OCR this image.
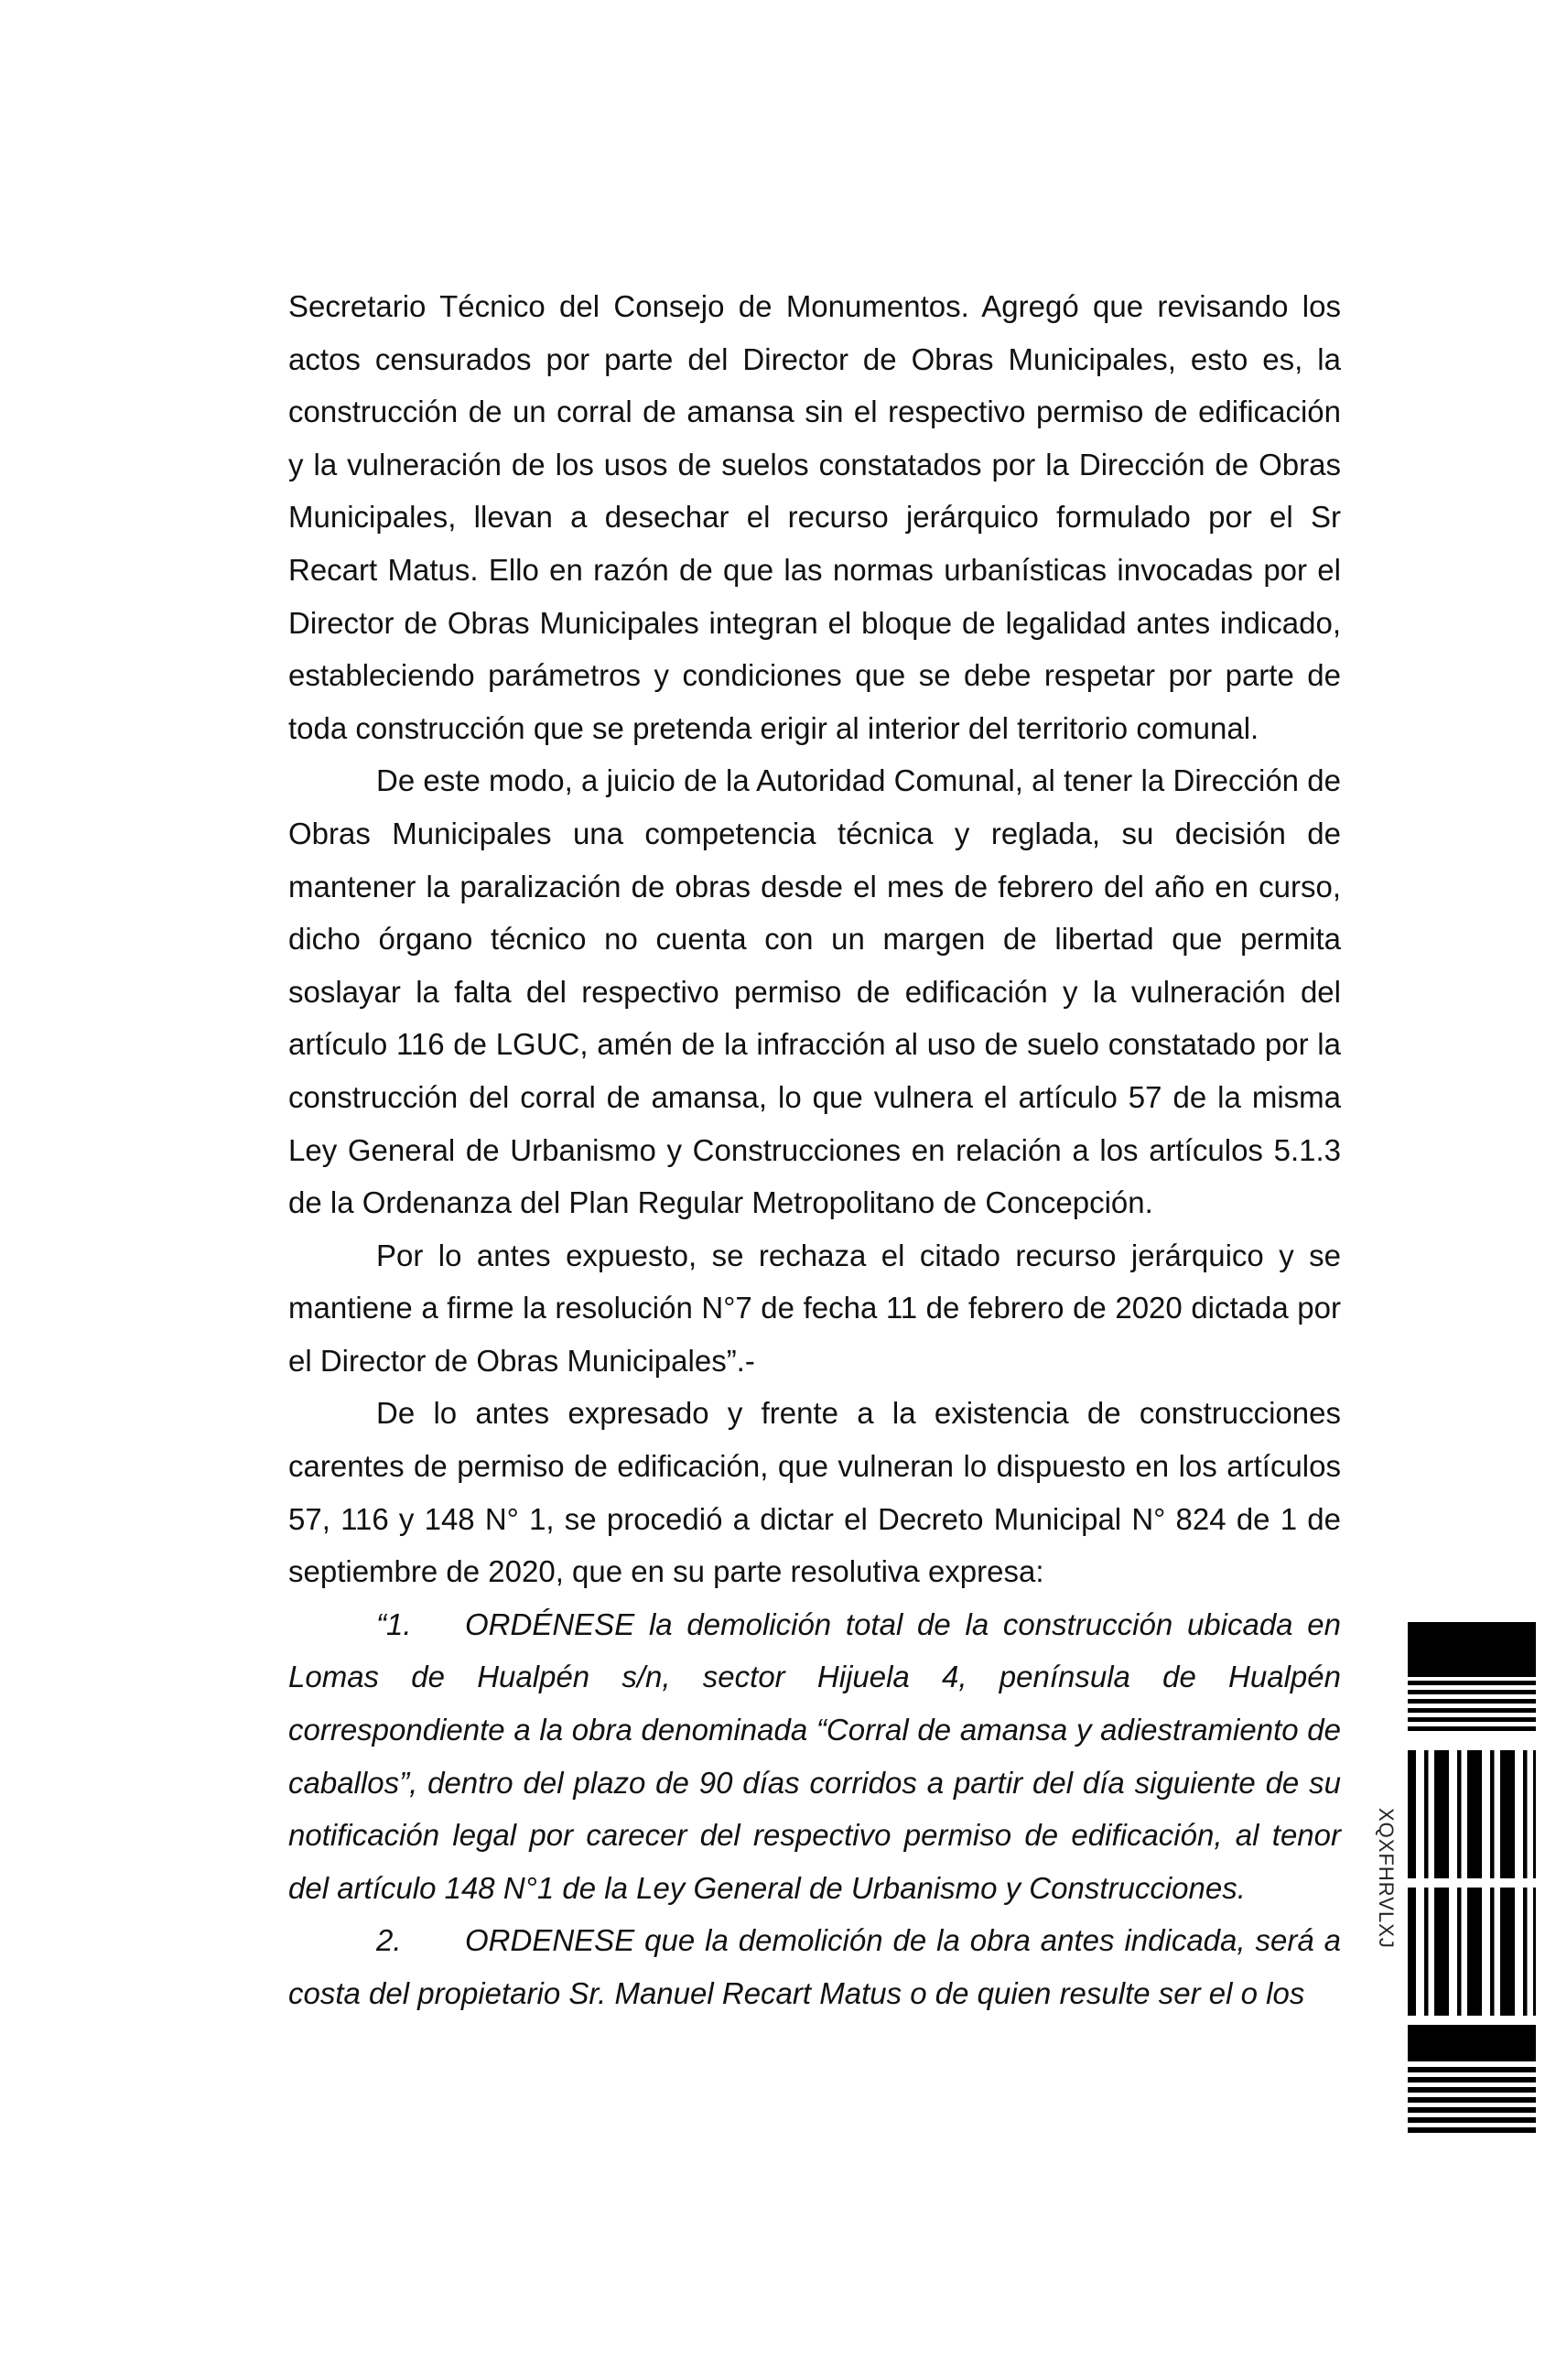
Secretario Técnico del Consejo de Monumentos. Agregó que revisando los actos censurados por parte del Director de Obras Municipales, esto es, la construcción de un corral de amansa sin el respectivo permiso de edificación y la vulneración de los usos de suelos constatados por la Dirección de Obras Municipales, llevan a desechar el recurso jerárquico formulado por el Sr Recart Matus. Ello en razón de que las normas urbanísticas invocadas por el Director de Obras Municipales integran el bloque de legalidad antes indicado, estableciendo parámetros y condiciones que se debe respetar por parte de toda construcción que se pretenda erigir al interior del territorio comunal.

De este modo, a juicio de la Autoridad Comunal, al tener la Dirección de Obras Municipales una competencia técnica y reglada, su decisión de mantener la paralización de obras desde el mes de febrero del año en curso, dicho órgano técnico no cuenta con un margen de libertad que permita soslayar la falta del respectivo permiso de edificación y la vulneración del artículo 116 de LGUC, amén de la infracción al uso de suelo constatado por la construcción del corral de amansa, lo que vulnera el artículo 57 de la misma Ley General de Urbanismo y Construcciones en relación a los artículos 5.1.3 de la Ordenanza del Plan Regular Metropolitano de Concepción.

Por lo antes expuesto, se rechaza el citado recurso jerárquico y se mantiene a firme la resolución N°7 de fecha 11 de febrero de 2020 dictada por el Director de Obras Municipales”.-

De lo antes expresado y frente a la existencia de construcciones carentes de permiso de edificación, que vulneran lo dispuesto en los artículos 57, 116 y 148 N° 1, se procedió a dictar el Decreto Municipal N° 824 de 1 de septiembre de 2020, que en su parte resolutiva expresa:

“1. ORDÉNESE la demolición total de la construcción ubicada en Lomas de Hualpén s/n, sector Hijuela 4, península de Hualpén correspondiente a la obra denominada “Corral de amansa y adiestramiento de caballos”, dentro del plazo de 90 días corridos a partir del día siguiente de su notificación legal por carecer del respectivo permiso de edificación, al tenor del artículo 148 N°1 de la Ley General de Urbanismo y Construcciones.

2. ORDENESE que la demolición de la obra antes indicada, será a costa del propietario Sr. Manuel Recart Matus o de quien resulte ser el o los

XQXFHRVLXJ
